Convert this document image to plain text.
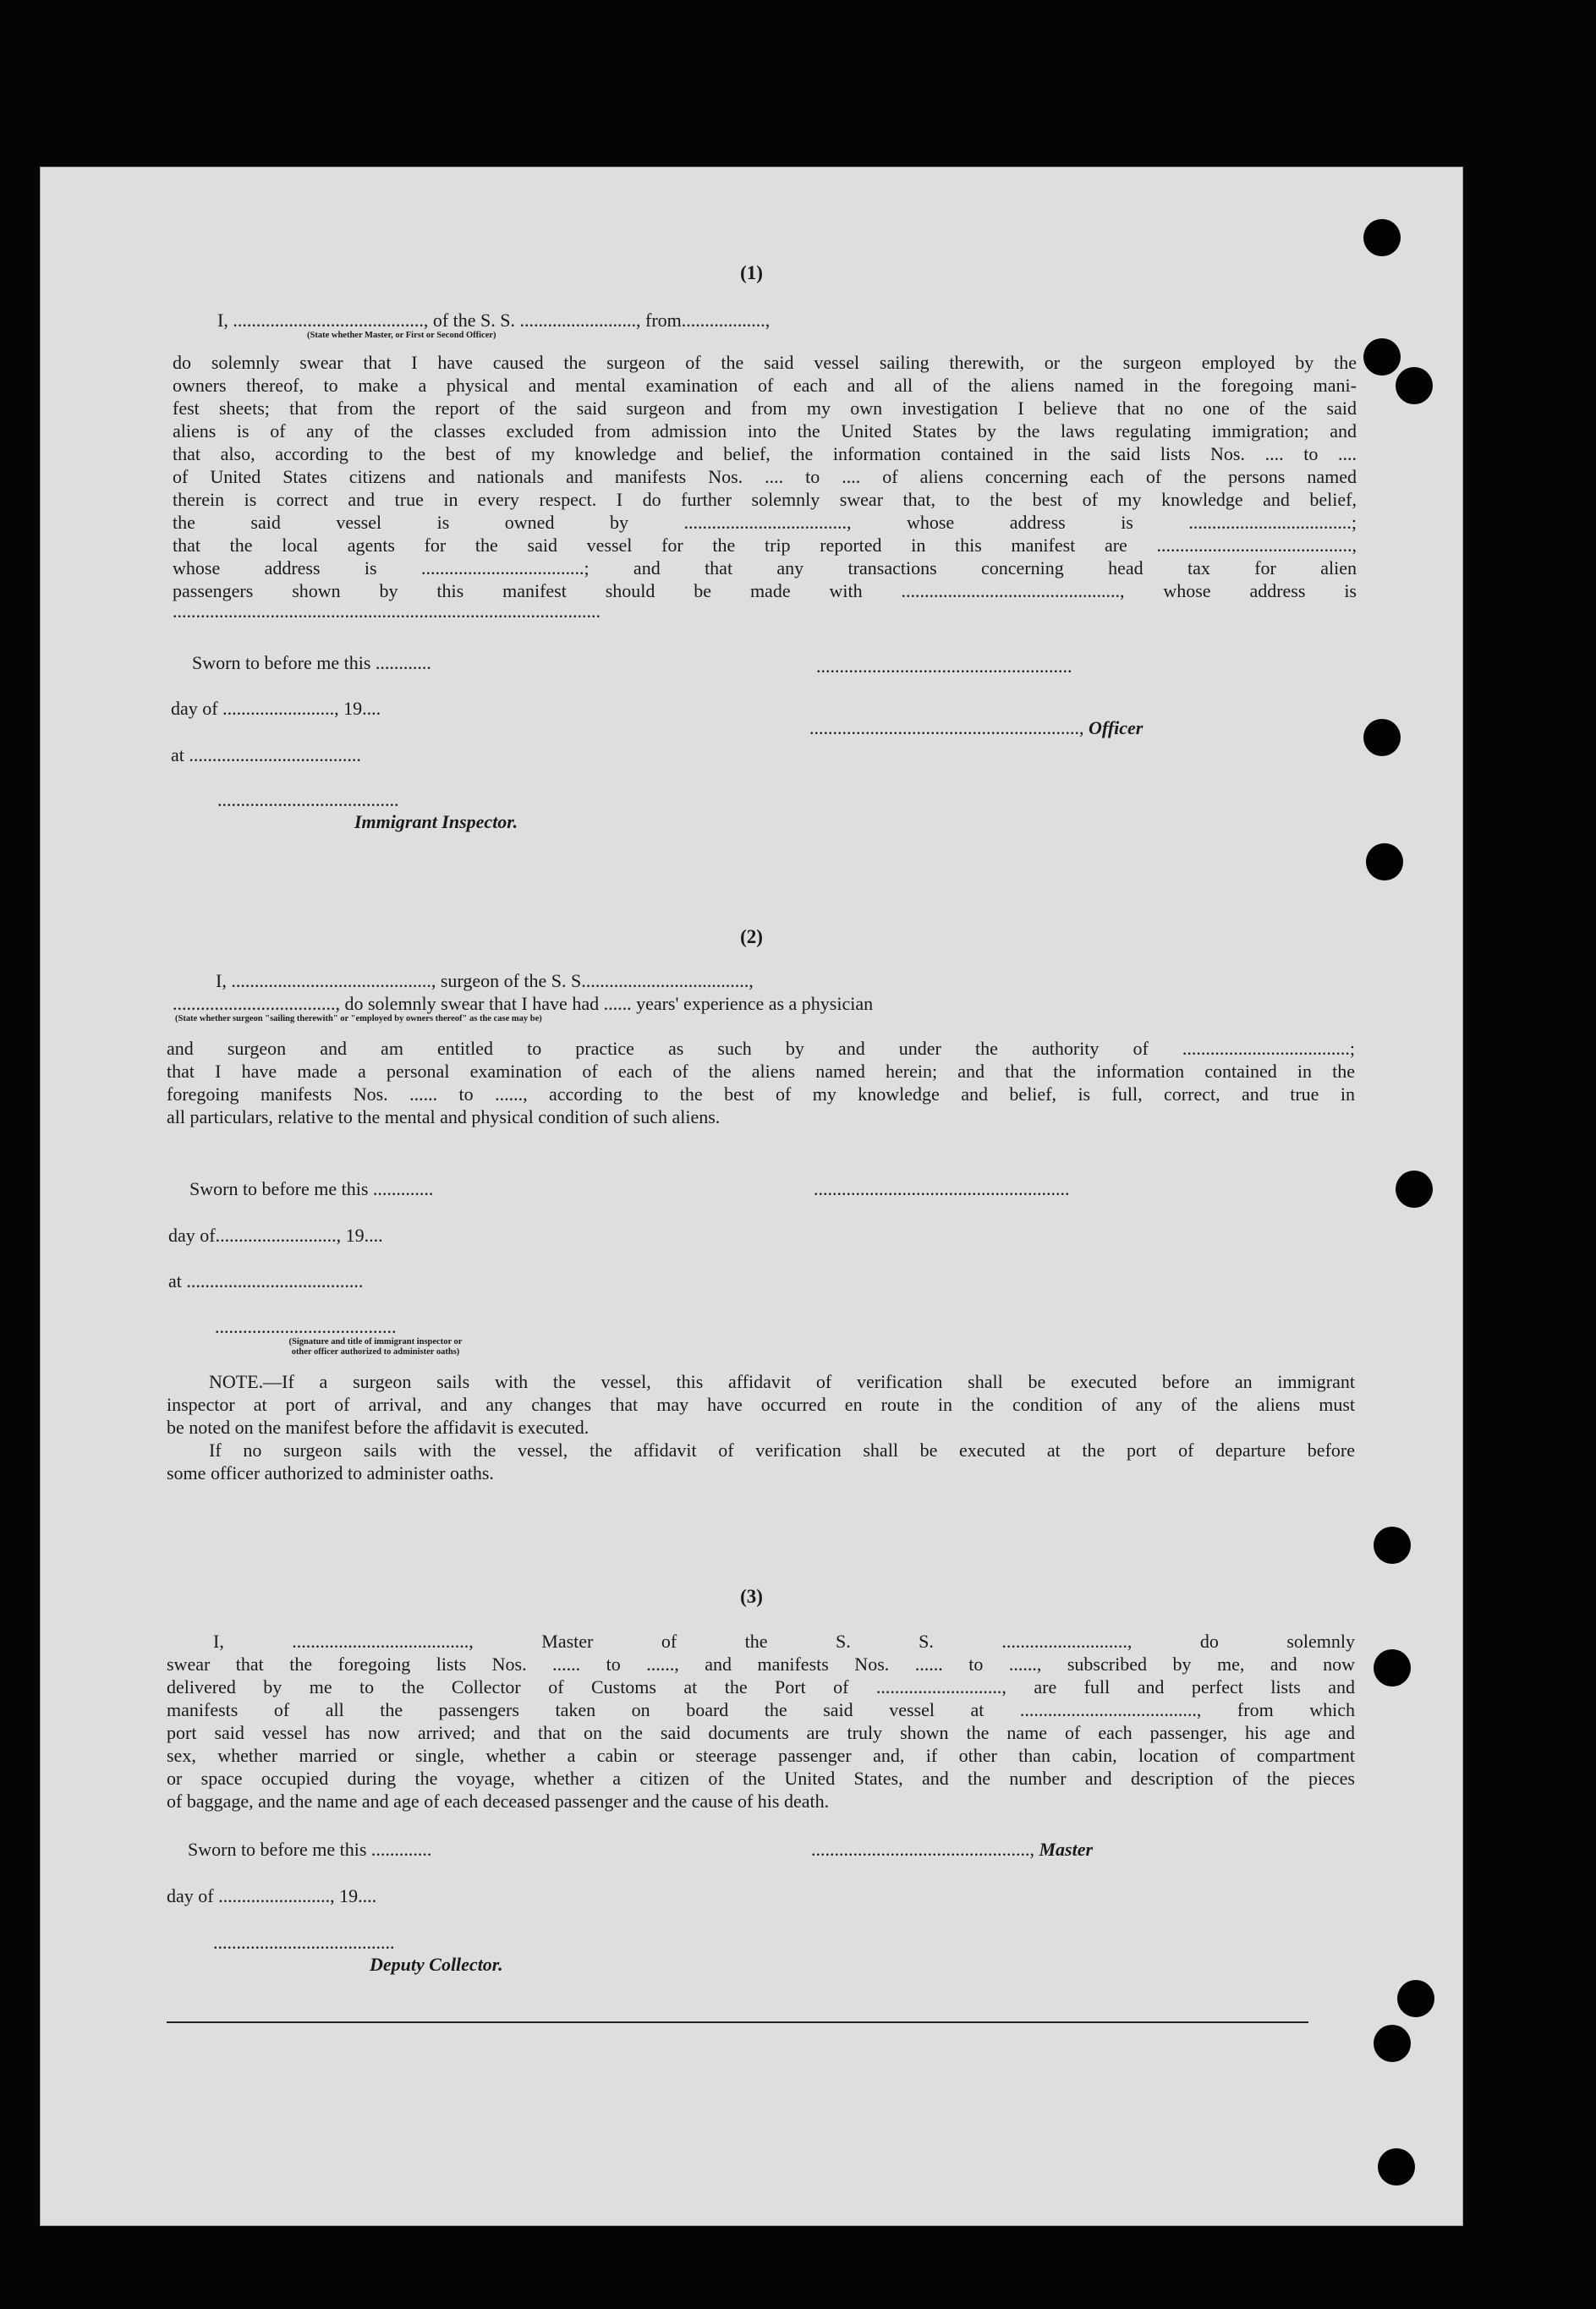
(1)
I, ........................................., of the S. S. ........................., from..................,
(State whether Master, or First or Second Officer)
do solemnly swear that I have caused the surgeon of the said vessel sailing therewith, or the surgeon employed by the
owners thereof, to make a physical and mental examination of each and all of the aliens named in the foregoing mani-
fest sheets; that from the report of the said surgeon and from my own investigation I believe that no one of the said
aliens is of any of the classes excluded from admission into the United States by the laws regulating immigration; and
that also, according to the best of my knowledge and belief, the information contained in the said lists Nos. .... to ....
of United States citizens and nationals and manifests Nos. .... to .... of aliens concerning each of the persons named
therein is correct and true in every respect. I do further solemnly swear that, to the best of my knowledge and belief,
the said vessel is owned by ..................................., whose address is ...................................;
that the local agents for the said vessel for the trip reported in this manifest are ..........................................,
whose address is ...................................; and that any transactions concerning head tax for alien
passengers shown by this manifest should be made with ..............................................., whose address is
............................................................................................
Sworn to before me this ............
day of ........................, 19....
at .....................................
.......................................
Immigrant Inspector.
.......................................................
.........................................................., Officer
(2)
I, ..........................................., surgeon of the S. S....................................,
..................................., do solemnly swear that I have had ...... years' experience as a physician
(State whether surgeon "sailing therewith" or "employed by owners thereof" as the case may be)
and surgeon and am entitled to practice as such by and under the authority of ....................................;
that I have made a personal examination of each of the aliens named herein; and that the information contained in the
foregoing manifests Nos. ...... to ......, according to the best of my knowledge and belief, is full, correct, and true in
all particulars, relative to the mental and physical condition of such aliens.
Sworn to before me this .............
day of.........................., 19....
at ......................................
.......................................
(Signature and title of immigrant inspector or
other officer authorized to administer oaths)
.......................................................
NOTE.—If a surgeon sails with the vessel, this affidavit of verification shall be executed before an immigrant
inspector at port of arrival, and any changes that may have occurred en route in the condition of any of the aliens must
be noted on the manifest before the affidavit is executed.
If no surgeon sails with the vessel, the affidavit of verification shall be executed at the port of departure before
some officer authorized to administer oaths.
(3)
I, ......................................, Master of the S. S. ..........................., do solemnly
swear that the foregoing lists Nos. ...... to ......, and manifests Nos. ...... to ......, subscribed by me, and now
delivered by me to the Collector of Customs at the Port of ..........................., are full and perfect lists and
manifests of all the passengers taken on board the said vessel at ......................................, from which
port said vessel has now arrived; and that on the said documents are truly shown the name of each passenger, his age and
sex, whether married or single, whether a cabin or steerage passenger and, if other than cabin, location of compartment
or space occupied during the voyage, whether a citizen of the United States, and the number and description of the pieces
of baggage, and the name and age of each deceased passenger and the cause of his death.
Sworn to before me this .............	..............................................., Master
day of ........................, 19....
.......................................
Deputy Collector.
